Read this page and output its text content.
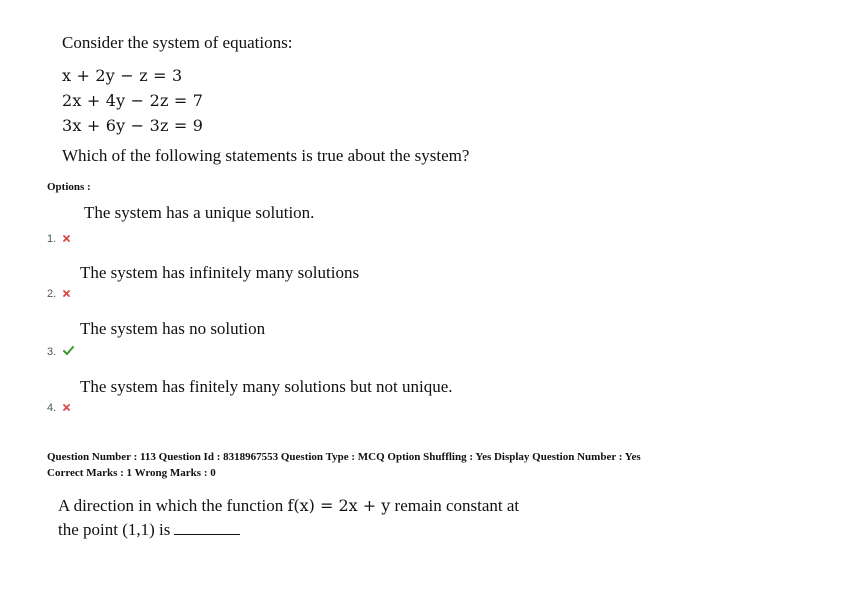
Consider the system of equations:
x + 2y − z = 3
2x + 4y − 2z = 7
3x + 6y − 3z = 9
Which of the following statements is true about the system?
Options :
The system has a unique solution.
1.
The system has infinitely many solutions
2.
The system has no solution
3.
The system has finitely many solutions but not unique.
4.
Question Number : 113 Question Id : 8318967553 Question Type : MCQ Option Shuffling : Yes Display Question Number : Yes
Correct Marks : 1 Wrong Marks : 0
A direction in which the function f(x) = 2x + y remain constant at
the point (1,1) is
